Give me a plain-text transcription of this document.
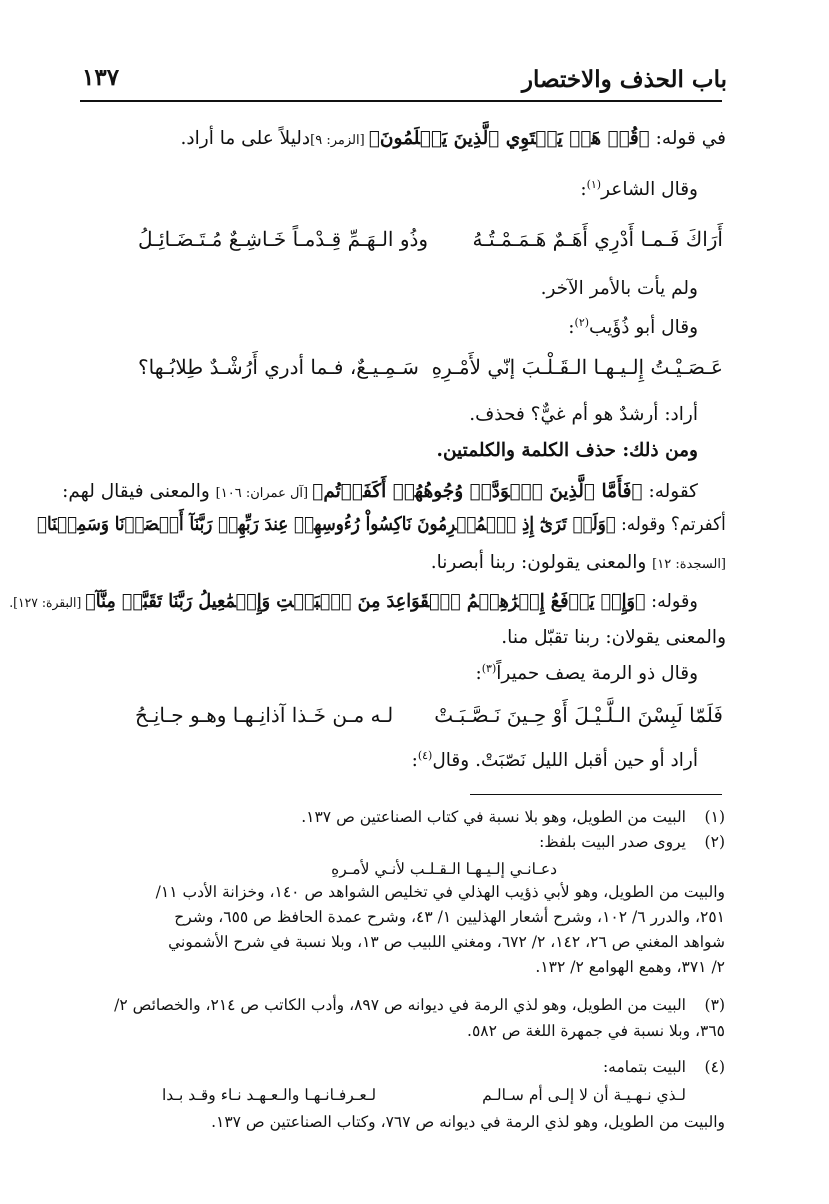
باب الحذف والاختصار
١٣٧
في قوله: ﴿قُلۡ هَلۡ يَسۡتَوِي ٱلَّذِينَ يَعۡلَمُونَ﴾ [الزمر: ٩]دليلاً على ما أراد.
وقال الشاعر$^{(١)}$:
أَرَاكَ فَـمـا أَدْرِي أَهَـمٌ هَـمَـمْـتُـهُ
وذُو الـهَـمِّ قِـدْمـاً خَـاشِـعٌ مُـتَـضَـائِـلُ
ولم يأت بالأمر الآخر.
وقال أبو ذُؤَيب$^{(٢)}$:
عَـصَـيْـتُ إِلـيـهـا الـقَـلْـبَ إنّي لأَمْـرِهِ
سَـمِـيـعٌ، فـما أدري أَرُشْـدٌ طِلابُـها؟
أراد: أرشدٌ هو أم غيٌّ؟ فحذف.
ومن ذلك: حذف الكلمة والكلمتين.
كقوله: ﴿فَأَمَّا ٱلَّذِينَ ٱسۡوَدَّتۡ وُجُوهُهُمۡ أَكَفَرۡتُم﴾ [آل عمران: ١٠٦] والمعنى فيقال لهم:
أكفرتم؟ وقوله: ﴿وَلَوۡ تَرَىٰٓ إِذِ ٱلۡمُجۡرِمُونَ نَاكِسُواْ رُءُوسِهِمۡ عِندَ رَبِّهِمۡ رَبَّنَآ أَبۡصَرۡنَا وَسَمِعۡنَا﴾
[السجدة: ١٢] والمعنى يقولون: ربنا أبصرنا.
وقوله: ﴿وَإِذۡ يَرۡفَعُ إِبۡرَٰهِـۧمُ ٱلۡقَوَاعِدَ مِنَ ٱلۡبَيۡتِ وَإِسۡمَٰعِيلُ رَبَّنَا تَقَبَّلۡ مِنَّآ﴾ [البقرة: ١٢٧].
والمعنى يقولان: ربنا تقبّل منا.
وقال ذو الرمة يصف حميراً$^{(٣)}$:
فَلَمّا لَبِسْنَ الـلَّـيْـلَ أَوْ حِـينَ نَـصَّـبَـتْ
لـه مـن خَـذا آذانِـهـا وهـو جـانِـحُ
أراد أو حين أقبل الليل نَصّبَتْ. وقال$^{(٤)}$:
(١)
البيت من الطويل، وهو بلا نسبة في كتاب الصناعتين ص ١٣٧.
(٢)
يروى صدر البيت بلفظ:
دعـانـي إلـيـهـا الـقـلـب لأنـي لأمـرهِ
والبيت من الطويل، وهو لأبي ذؤيب الهذلي في تخليص الشواهد ص ١٤٠، وخزانة الأدب ١١/
٢٥١، والدرر ٦/ ١٠٢، وشرح أشعار الهذليين ١/ ٤٣، وشرح عمدة الحافظ ص ٦٥٥، وشرح
شواهد المغني ص ٢٦، ١٤٢، ٢/ ٦٧٢، ومغني اللبيب ص ١٣، وبلا نسبة في شرح الأشموني
٢/ ٣٧١، وهمع الهوامع ٢/ ١٣٢.
(٣)
البيت من الطويل، وهو لذي الرمة في ديوانه ص ٨٩٧، وأدب الكاتب ص ٢١٤، والخصائص ٢/
٣٦٥، وبلا نسبة في جمهرة اللغة ص ٥٨٢.
(٤)
البيت بتمامه:
لـذي نـهـيـة أن لا إلـى أم سـالـم
لـعـرفـانـهـا والـعـهـد نـاء وقـد بـدا
والبيت من الطويل، وهو لذي الرمة في ديوانه ص ٧٦٧، وكتاب الصناعتين ص ١٣٧.
